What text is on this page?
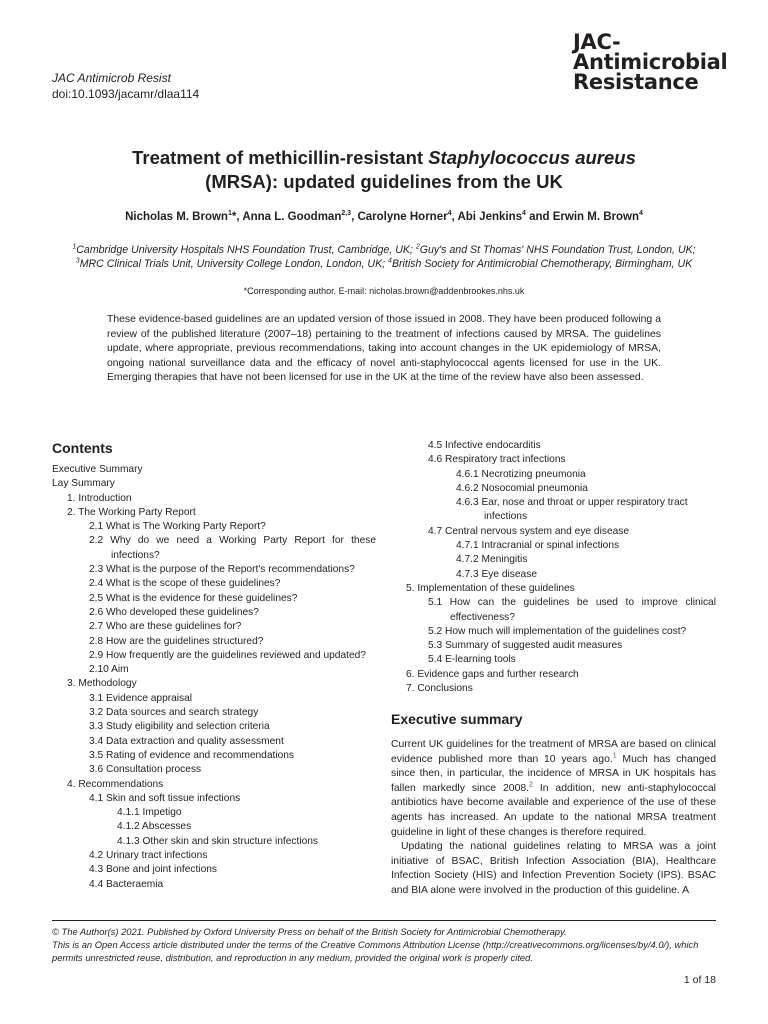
JAC Antimicrob Resist
doi:10.1093/jacamr/dlaa114
JAC-
Antimicrobial
Resistance
Treatment of methicillin-resistant Staphylococcus aureus
(MRSA): updated guidelines from the UK
Nicholas M. Brown$^1$*, Anna L. Goodman$^{2,3}$, Carolyne Horner$^4$, Abi Jenkins$^4$ and Erwin M. Brown$^4$
$^1$Cambridge University Hospitals NHS Foundation Trust, Cambridge, UK; $^2$Guy's and St Thomas' NHS Foundation Trust, London, UK;
$^3$MRC Clinical Trials Unit, University College London, London, UK; $^4$British Society for Antimicrobial Chemotherapy, Birmingham, UK
*Corresponding author. E-mail: nicholas.brown@addenbrookes.nhs.uk
These evidence-based guidelines are an updated version of those issued in 2008. They have been produced following a review of the published literature (2007–18) pertaining to the treatment of infections caused by MRSA. The guidelines update, where appropriate, previous recommendations, taking into account changes in the UK epidemiology of MRSA, ongoing national surveillance data and the efficacy of novel anti-staphylococcal agents licensed for use in the UK. Emerging therapies that have not been licensed for use in the UK at the time of the review have also been assessed.
Contents
Executive Summary
Lay Summary
1. Introduction
2. The Working Party Report
2.1 What is The Working Party Report?
2.2 Why do we need a Working Party Report for these infections?
2.3 What is the purpose of the Report's recommendations?
2.4 What is the scope of these guidelines?
2.5 What is the evidence for these guidelines?
2.6 Who developed these guidelines?
2.7 Who are these guidelines for?
2.8 How are the guidelines structured?
2.9 How frequently are the guidelines reviewed and updated?
2.10 Aim
3. Methodology
3.1 Evidence appraisal
3.2 Data sources and search strategy
3.3 Study eligibility and selection criteria
3.4 Data extraction and quality assessment
3.5 Rating of evidence and recommendations
3.6 Consultation process
4. Recommendations
4.1 Skin and soft tissue infections
4.1.1 Impetigo
4.1.2 Abscesses
4.1.3 Other skin and skin structure infections
4.2 Urinary tract infections
4.3 Bone and joint infections
4.4 Bacteraemia
4.5 Infective endocarditis
4.6 Respiratory tract infections
4.6.1 Necrotizing pneumonia
4.6.2 Nosocomial pneumonia
4.6.3 Ear, nose and throat or upper respiratory tract infections
4.7 Central nervous system and eye disease
4.7.1 Intracranial or spinal infections
4.7.2 Meningitis
4.7.3 Eye disease
5. Implementation of these guidelines
5.1 How can the guidelines be used to improve clinical effectiveness?
5.2 How much will implementation of the guidelines cost?
5.3 Summary of suggested audit measures
5.4 E-learning tools
6. Evidence gaps and further research
7. Conclusions
Executive summary

Current UK guidelines for the treatment of MRSA are based on clinical evidence published more than 10 years ago.$^1$ Much has changed since then, in particular, the incidence of MRSA in UK hospitals has fallen markedly since 2008.$^2$ In addition, new anti-staphylococcal antibiotics have become available and experience of the use of these agents has increased. An update to the national MRSA treatment guideline in light of these changes is therefore required.

Updating the national guidelines relating to MRSA was a joint initiative of BSAC, British Infection Association (BIA), Healthcare Infection Society (HIS) and Infection Prevention Society (IPS). BSAC and BIA alone were involved in the production of this guideline. A

© The Author(s) 2021. Published by Oxford University Press on behalf of the British Society for Antimicrobial Chemotherapy.
This is an Open Access article distributed under the terms of the Creative Commons Attribution License (http://creativecommons.org/licenses/by/4.0/), which permits unrestricted reuse, distribution, and reproduction in any medium, provided the original work is properly cited.
1 of 18
